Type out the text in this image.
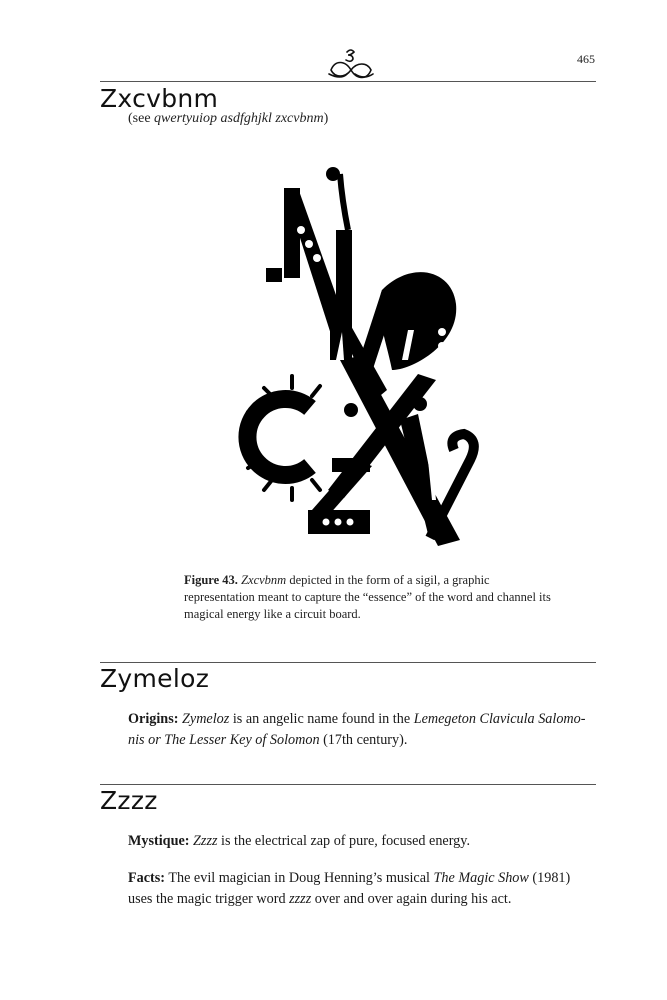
465
Zxcvbnm
(see qwertyuiop asdfghjkl zxcvbnm)
Figure 43. Zxcvbnm depicted in the form of a sigil, a graphic representation meant to capture the “essence” of the word and channel its magical energy like a circuit board.
Zymeloz

Origins: Zymeloz is an angelic name found in the Lemegeton Clavicula Salomo-nis or The Lesser Key of Solomon (17th century).

Zzzz

Mystique: Zzzz is the electrical zap of pure, focused energy.

Facts: The evil magician in Doug Henning’s musical The Magic Show (1981) uses the magic trigger word zzzz over and over again during his act.
